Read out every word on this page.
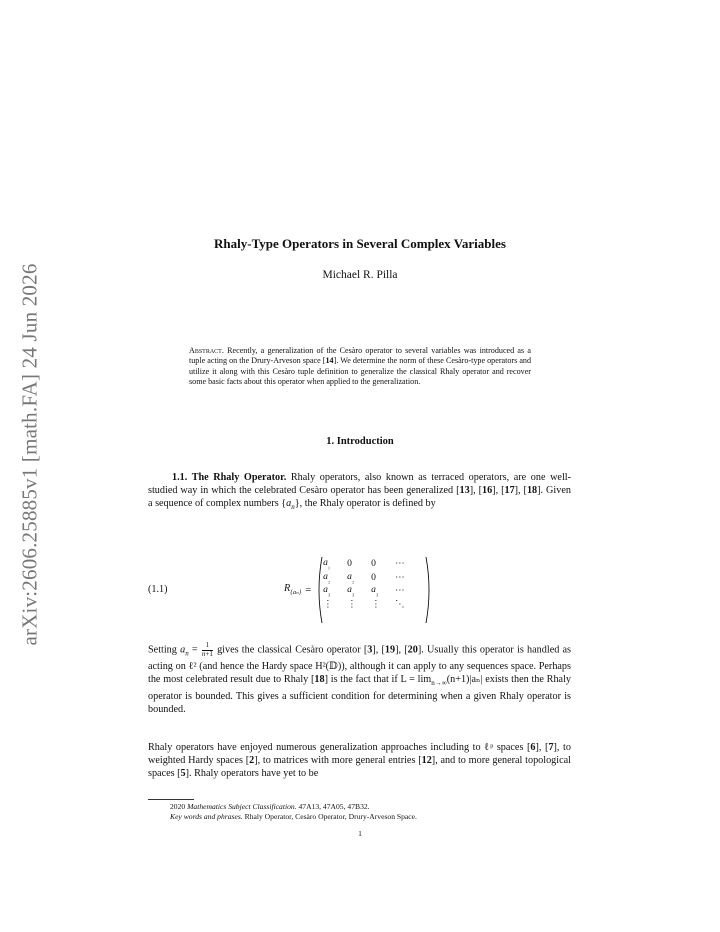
arXiv:2606.25885v1 [math.FA] 24 Jun 2026
Rhaly-Type Operators in Several Complex Variables
Michael R. Pilla
Abstract. Recently, a generalization of the Cesàro operator to several variables was introduced as a tuple acting on the Drury-Arveson space [14]. We determine the norm of these Cesàro-type operators and utilize it along with this Cesàro tuple definition to generalize the classical Rhaly operator and recover some basic facts about this operator when applied to the generalization.
1. Introduction
1.1. The Rhaly Operator. Rhaly operators, also known as terraced operators, are one well-studied way in which the celebrated Cesàro operator has been generalized [13], [16], [17], [18]. Given a sequence of complex numbers $\{a_n\}$, the Rhaly operator is defined by
(1.1)	$R_{\{a_n\}}$ =
$a_{_1}$	0	0	⋯
$a_{_2}$	$a_{_2}$	0	⋯
$a_{_3}$	$a_{_3}$	$a_{_3}$	⋯
⋮	⋮	⋮	⋱
Setting $a_n = \frac{1}{n+1}$ gives the classical Cesàro operator [3], [19], [20]. Usually this operator is handled as acting on ℓ² (and hence the Hardy space H²(𝔻)), although it can apply to any sequences space. Perhaps the most celebrated result due to Rhaly [18] is the fact that if $L = \lim_{n\to\infty}(n+1)|a_n|$ exists then the Rhaly operator is bounded. This gives a sufficient condition for determining when a given Rhaly operator is bounded.
Rhaly operators have enjoyed numerous generalization approaches including to ℓᵖ spaces [6], [7], to weighted Hardy spaces [2], to matrices with more general entries [12], and to more general topological spaces [5]. Rhaly operators have yet to be
2020 Mathematics Subject Classification. 47A13, 47A05, 47B32.
Key words and phrases. Rhaly Operator, Cesàro Operator, Drury-Arveson Space.
1
